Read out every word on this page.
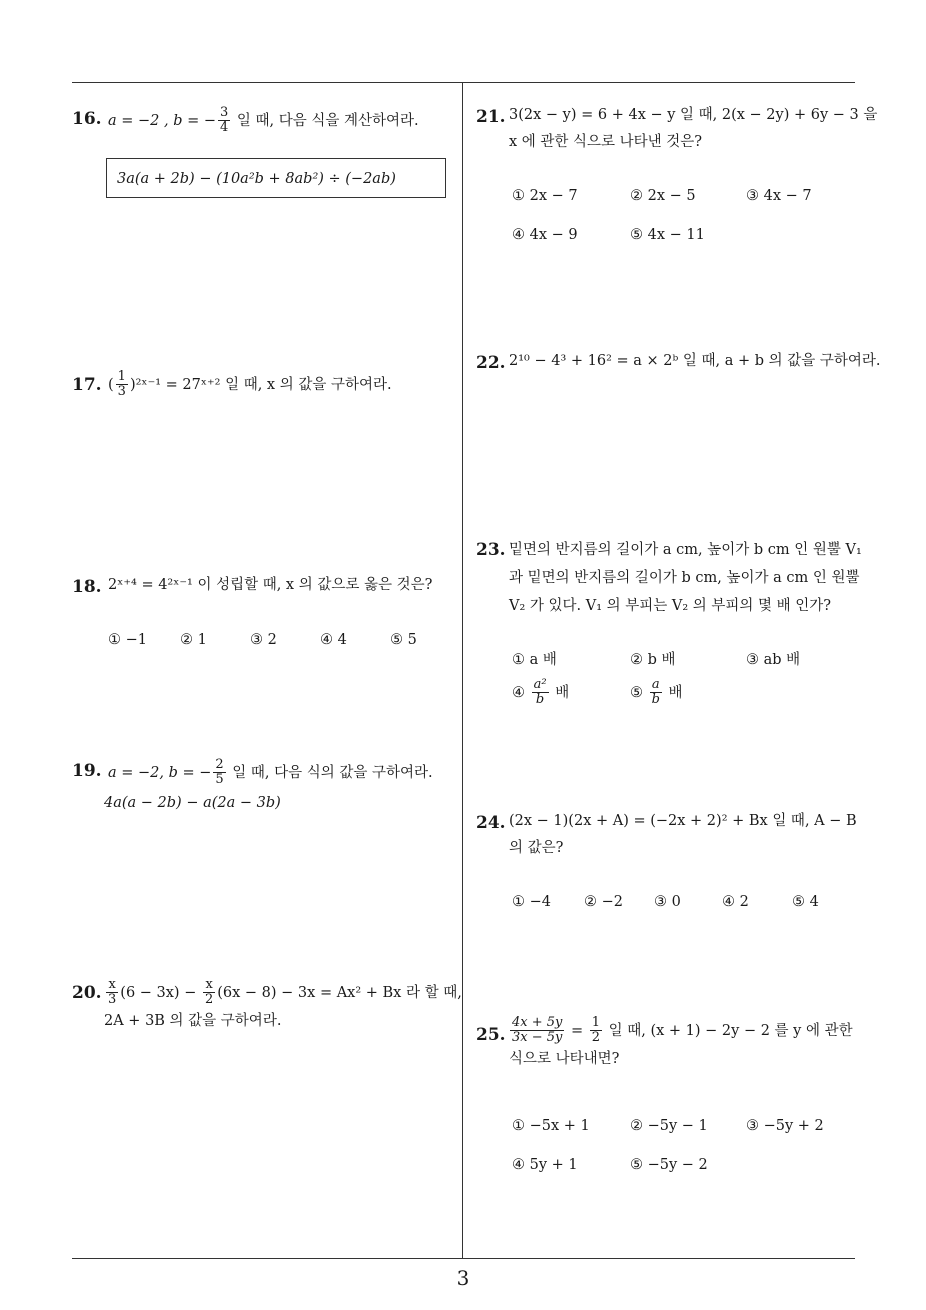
3
16. a = −2 , b = − $\frac{3}{4}$ 일 때, 다음 식을 계산하여라.
3a(a + 2b) − (10a²b + 8ab²) ÷ (−2ab)
17. ( $\frac{1}{3}$ )²ˣ⁻¹ = 27ˣ⁺² 일 때, x 의 값을 구하여라.
18. 2ˣ⁺⁴ = 4²ˣ⁻¹ 이 성립할 때, x 의 값으로 옳은 것은?
① −1 ② 1	③ 2	④ 4	⑤ 5
19. a = −2, b = − $\frac{2}{5}$ 일 때, 다음 식의 값을 구하여라.
4a(a − 2b) − a(2a − 3b)
20. $\frac{x}{3} (6 - 3x) - \frac{x}{2} (6x - 8) - 3x = Ax^2 + Bx$ 라 할 때,
2A + 3B 의 값을 구하여라.
21. 3(2x − y) = 6 + 4x − y 일 때, 2(x − 2y) + 6y − 3 을
x 에 관한 식으로 나타낸 것은?
① 2x − 7	② 2x − 5	③ 4x − 7
④ 4x − 9	⑤ 4x − 11
22. 2¹⁰ − 4³ + 16² = a × 2ᵇ 일 때, a + b 의 값을 구하여라.
23. 밑면의 반지름의 길이가 a cm, 높이가 b cm 인 원뿔 V₁
과 밑면의 반지름의 길이가 b cm, 높이가 a cm 인 원뿔
V₂ 가 있다. V₁ 의 부피는 V₂ 의 부피의 몇 배 인가?
① a 배	② b 배	③ ab 배
④ $\frac{\text{a²}}{b}$ 배	⑤ $\frac{a}{b}$ 배
24. (2x − 1)(2x + A) = (−2x + 2)² + Bx 일 때, A − B
의 값은?
① −4 ② −2 ③ 0	④ 2	⑤ 4
25. $\frac{4x + 5y}{3x - 5y} = \frac{1}{2}$ 일 때, (x + 1) − 2y − 2 를 y 에 관한
식으로 나타내면?
① −5x + 1	② −5y − 1	③ −5y + 2
④ 5y + 1	⑤ −5y − 2
